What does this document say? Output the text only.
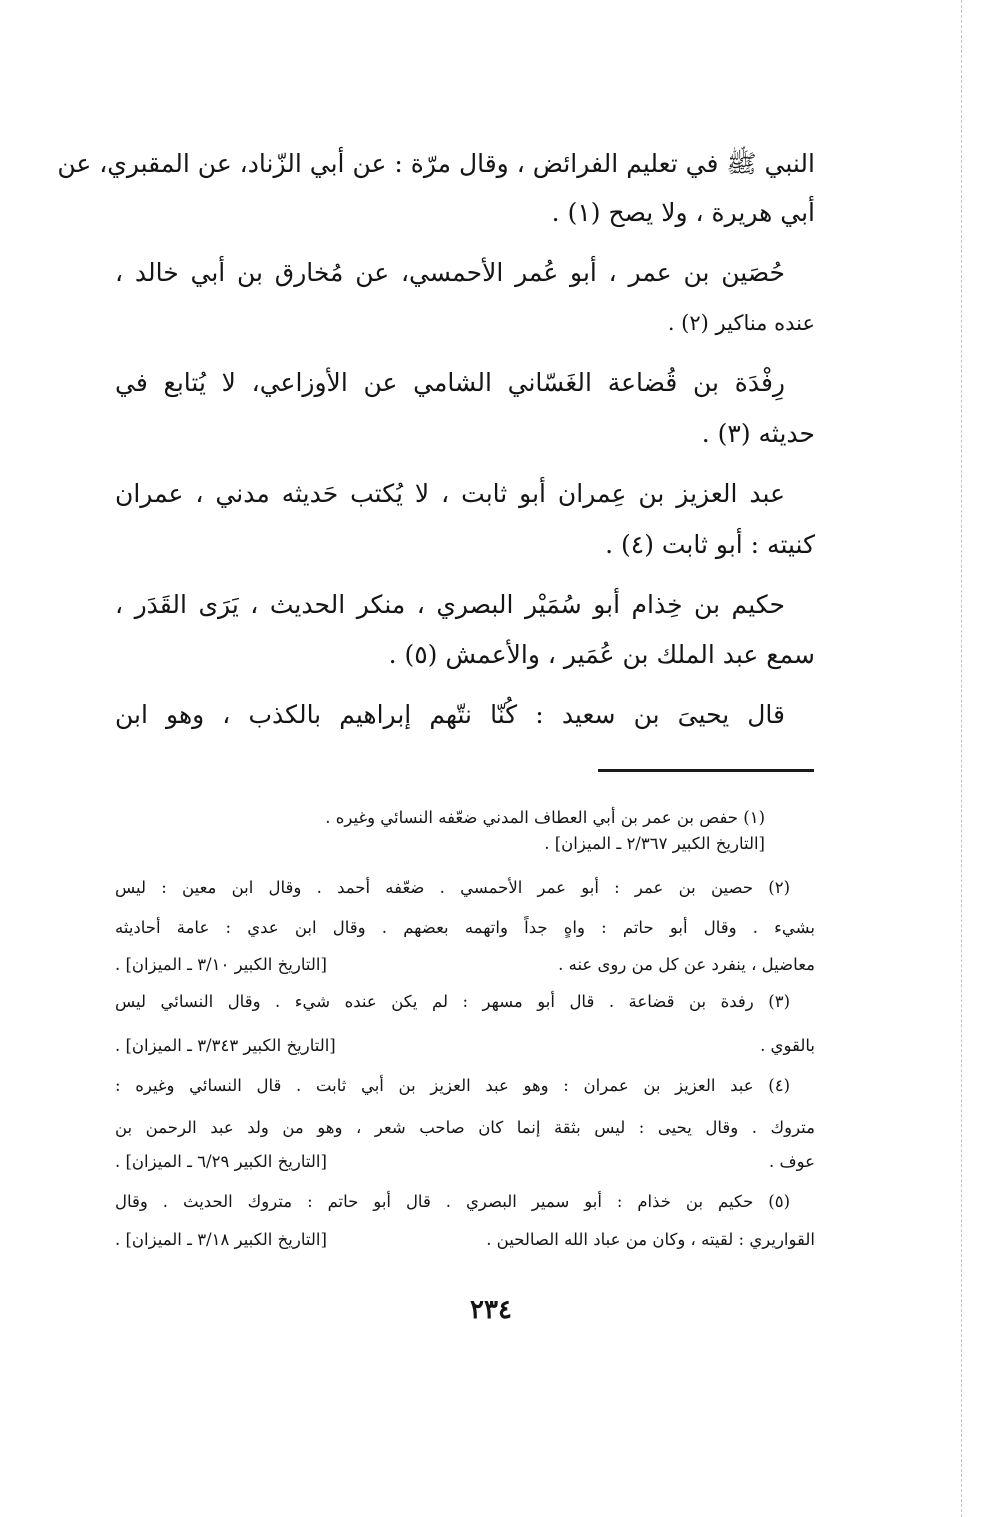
النبي ﷺ في تعليم الفرائض ، وقال مرّة : عن أبي الزّناد، عن المقبري، عن
أبي هريرة ، ولا يصح (١) .
حُصَين بن عمر ، أبو عُمر الأحمسي، عن مُخارق بن أبي خالد ،
عنده مناكير (٢) .
رِفْدَة بن قُضاعة الغَسّاني الشامي عن الأوزاعي، لا يُتابع في
حديثه (٣) .
عبد العزيز بن عِمران أبو ثابت ، لا يُكتب حَديثه مدني ، عمران
كنيته : أبو ثابت (٤) .
حكيم بن خِذام أبو سُمَيْر البصري ، منكر الحديث ، يَرَى القَدَر ،
سمع عبد الملك بن عُمَير ، والأعمش (٥) .
قال يحيىَ بن سعيد : كُنّا نتّهم إبراهيم بالكذب ، وهو ابن
(١) حفص بن عمر بن أبي العطاف المدني ضعّفه النسائي وغيره .
[التاريخ الكبير ٢/٣٦٧ ـ الميزان] .
(٢) حصين بن عمر : أبو عمر الأحمسي . ضعّفه أحمد . وقال ابن معين : ليس
بشيء . وقال أبو حاتم : واهٍ جداً واتهمه بعضهم . وقال ابن عدي : عامة أحاديثه
معاضيل ، ينفرد عن كل من روى عنه .
[التاريخ الكبير ٣/١٠ ـ الميزان] .
(٣) رفدة بن قضاعة . قال أبو مسهر : لم يكن عنده شيء . وقال النسائي ليس
بالقوي .
[التاريخ الكبير ٣/٣٤٣ ـ الميزان] .
(٤) عبد العزيز بن عمران : وهو عبد العزيز بن أبي ثابت . قال النسائي وغيره :
متروك . وقال يحيى : ليس بثقة إنما كان صاحب شعر ، وهو من ولد عبد الرحمن بن
عوف .
[التاريخ الكبير ٦/٢٩ ـ الميزان] .
(٥) حكيم بن خذام : أبو سمير البصري . قال أبو حاتم : متروك الحديث . وقال
القواريري : لقيته ، وكان من عباد الله الصالحين .
[التاريخ الكبير ٣/١٨ ـ الميزان] .
٢٣٤
